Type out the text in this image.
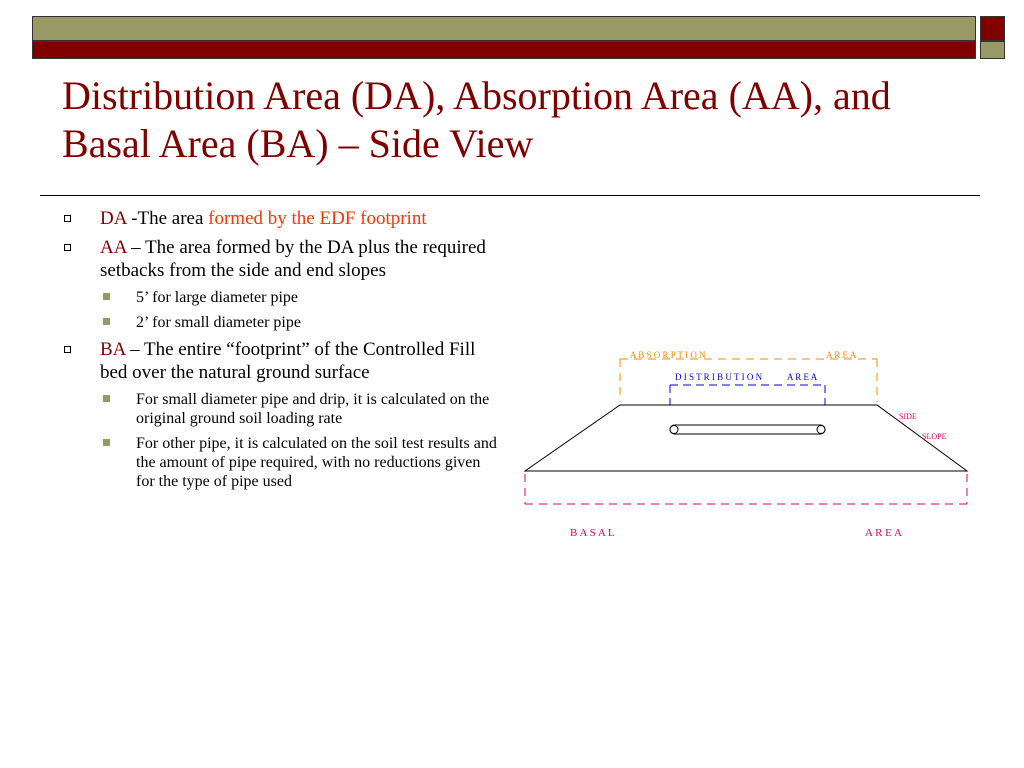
Distribution Area (DA), Absorption Area (AA), and Basal Area (BA) – Side View
DA -The area formed by the EDF footprint
AA – The area formed by the DA plus the required setbacks from the side and end slopes
5’ for large diameter pipe
2’ for small diameter pipe
BA – The entire “footprint” of the Controlled Fill bed over the natural ground surface
For small diameter pipe and drip, it is calculated on the original ground soil loading rate
For other pipe, it is calculated on the soil test results and the amount of pipe required, with no reductions given for the type of pipe used
A B S O R P T I O N	A R E A
D I S T R I B U T I O N	A R E A
SIDE
SLOPE
B A S A L	A R E A
